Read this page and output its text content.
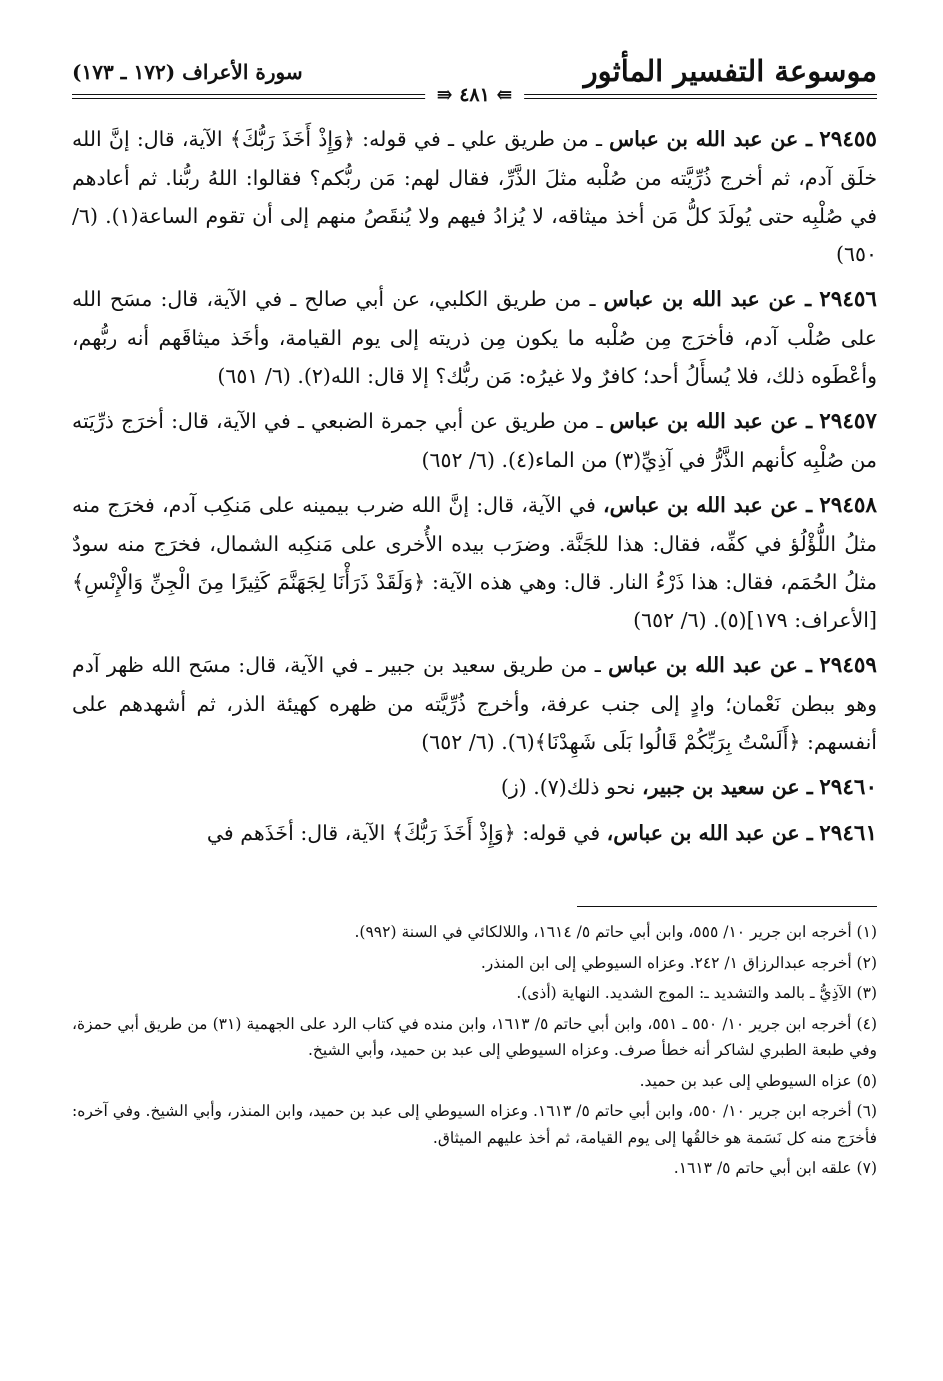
موسوعة التفسير المأثور
سورة الأعراف (١٧٢ ـ ١٧٣)
⇚ ٤٨١ ⇛

٢٩٤٥٥ ـ عن عبد الله بن عباس ـ من طريق علي ـ في قوله: ﴿وَإِذْ أَخَذَ رَبُّكَ﴾ الآية، قال: إنَّ الله خلَق آدم، ثم أخرج ذُرِّيَّته من صُلْبه مثلَ الذَّرِّ، فقال لهم: مَن ربُّكم؟ فقالوا: اللهُ ربُّنا. ثم أعادهم في صُلْبِه حتى يُولَدَ كلُّ مَن أخذ ميثاقه، لا يُزادُ فيهم ولا يُنقَصُ منهم إلى أن تقوم الساعة(١). (٦/ ٦٥٠)

٢٩٤٥٦ ـ عن عبد الله بن عباس ـ من طريق الكلبي، عن أبي صالح ـ في الآية، قال: مسَح الله على صُلْب آدم، فأخرَج مِن صُلْبه ما يكون مِن ذريته إلى يوم القيامة، وأخَذ ميثاقَهم أنه ربُّهم، وأعْطَوه ذلك، فلا يُسأَلُ أحد؛ كافرٌ ولا غيرُه: مَن ربُّك؟ إلا قال: الله(٢). (٦/ ٦٥١)

٢٩٤٥٧ ـ عن عبد الله بن عباس ـ من طريق عن أبي جمرة الضبعي ـ في الآية، قال: أخرَج ذرِّيَته من صُلْبِه كأنهم الذَّرُّ في آذِيِّ(٣) من الماء(٤). (٦/ ٦٥٢)

٢٩٤٥٨ ـ عن عبد الله بن عباس، في الآية، قال: إنَّ الله ضرب بيمينه على مَنكِب آدم، فخرَج منه مثلُ اللُّؤْلُؤ في كفِّه، فقال: هذا للجَنَّة. وضرَب بيده الأُخرى على مَنكِبه الشمال، فخرَج منه سودٌ مثلُ الحُمَم، فقال: هذا ذَرْءُ النار. قال: وهي هذه الآية: ﴿وَلَقَدْ ذَرَأْنَا لِجَهَنَّمَ كَثِيرًا مِنَ الْجِنِّ وَالْإِنْسِ﴾ [الأعراف: ١٧٩](٥). (٦/ ٦٥٢)

٢٩٤٥٩ ـ عن عبد الله بن عباس ـ من طريق سعيد بن جبير ـ في الآية، قال: مسَح الله ظهر آدم وهو ببطن نَعْمان؛ وادٍ إلى جنب عرفة، وأخرج ذُرِّيَّته من ظهره كهيئة الذر، ثم أشهدهم على أنفسهم: ﴿أَلَسْتُ بِرَبِّكُمْ قَالُوا بَلَى شَهِدْنَا﴾(٦). (٦/ ٦٥٢)

٢٩٤٦٠ ـ عن سعيد بن جبير، نحو ذلك(٧). (ز)

٢٩٤٦١ ـ عن عبد الله بن عباس، في قوله: ﴿وَإِذْ أَخَذَ رَبُّكَ﴾ الآية، قال: أخَذَهم في

(١) أخرجه ابن جرير ١٠/ ٥٥٥، وابن أبي حاتم ٥/ ١٦١٤، واللالكائي في السنة (٩٩٢).

(٢) أخرجه عبدالرزاق ١/ ٢٤٢. وعزاه السيوطي إلى ابن المنذر.

(٣) الآذِيُّ ـ بالمد والتشديد ـ: الموج الشديد. النهاية (أذى).

(٤) أخرجه ابن جرير ١٠/ ٥٥٠ ـ ٥٥١، وابن أبي حاتم ٥/ ١٦١٣، وابن منده في كتاب الرد على الجهمية (٣١) من طريق أبي حمزة، وفي طبعة الطبري لشاكر أنه خطأ صرف. وعزاه السيوطي إلى عبد بن حميد، وأبي الشيخ.

(٥) عزاه السيوطي إلى عبد بن حميد.

(٦) أخرجه ابن جرير ١٠/ ٥٥٠، وابن أبي حاتم ٥/ ١٦١٣. وعزاه السيوطي إلى عبد بن حميد، وابن المنذر، وأبي الشيخ. وفي آخره: فأخرَج منه كل نَسَمة هو خالقُها إلى يوم القيامة، ثم أخذ عليهم الميثاق.

(٧) علقه ابن أبي حاتم ٥/ ١٦١٣.
